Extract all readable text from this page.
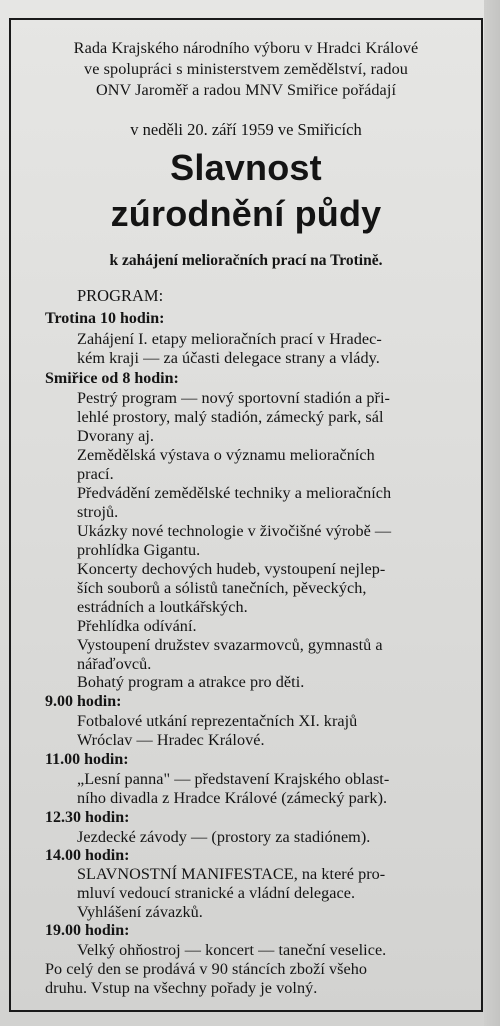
Rada Krajského národního výboru v Hradci Králové
ve spolupráci s ministerstvem zemědělství, radou
ONV Jaroměř a radou MNV Smiřice pořádají
v neděli 20. září 1959 ve Smiřicích
Slavnost
zúrodnění půdy
k zahájení melioračních prací na Trotině.
PROGRAM:
Trotina 10 hodin:
Zahájení I. etapy melioračních prací v Hradec-
kém kraji — za účasti delegace strany a vlády.
Smiřice od 8 hodin:
Pestrý program — nový sportovní stadión a při-
lehlé prostory, malý stadión, zámecký park, sál
Dvorany aj.
Zemědělská výstava o významu melioračních
prací.
Předvádění zemědělské techniky a melioračních
strojů.
Ukázky nové technologie v živočišné výrobě —
prohlídka Gigantu.
Koncerty dechových hudeb, vystoupení nejlep-
ších souborů a sólistů tanečních, pěveckých,
estrádních a loutkářských.
Přehlídka odívání.
Vystoupení družstev svazarmovců, gymnastů a
nářaďovců.
Bohatý program a atrakce pro děti.
9.00 hodin:
Fotbalové utkání reprezentačních XI. krajů
Wróclav — Hradec Králové.
11.00 hodin:
„Lesní panna" — představení Krajského oblast-
ního divadla z Hradce Králové (zámecký park).
12.30 hodin:
Jezdecké závody — (prostory za stadiónem).
14.00 hodin:
SLAVNOSTNÍ MANIFESTACE, na které pro-
mluví vedoucí stranické a vládní delegace.
Vyhlášení závazků.
19.00 hodin:
Velký ohňostroj — koncert — taneční veselice.
Po celý den se prodává v 90 stáncích zboží všeho
druhu. Vstup na všechny pořady je volný.
